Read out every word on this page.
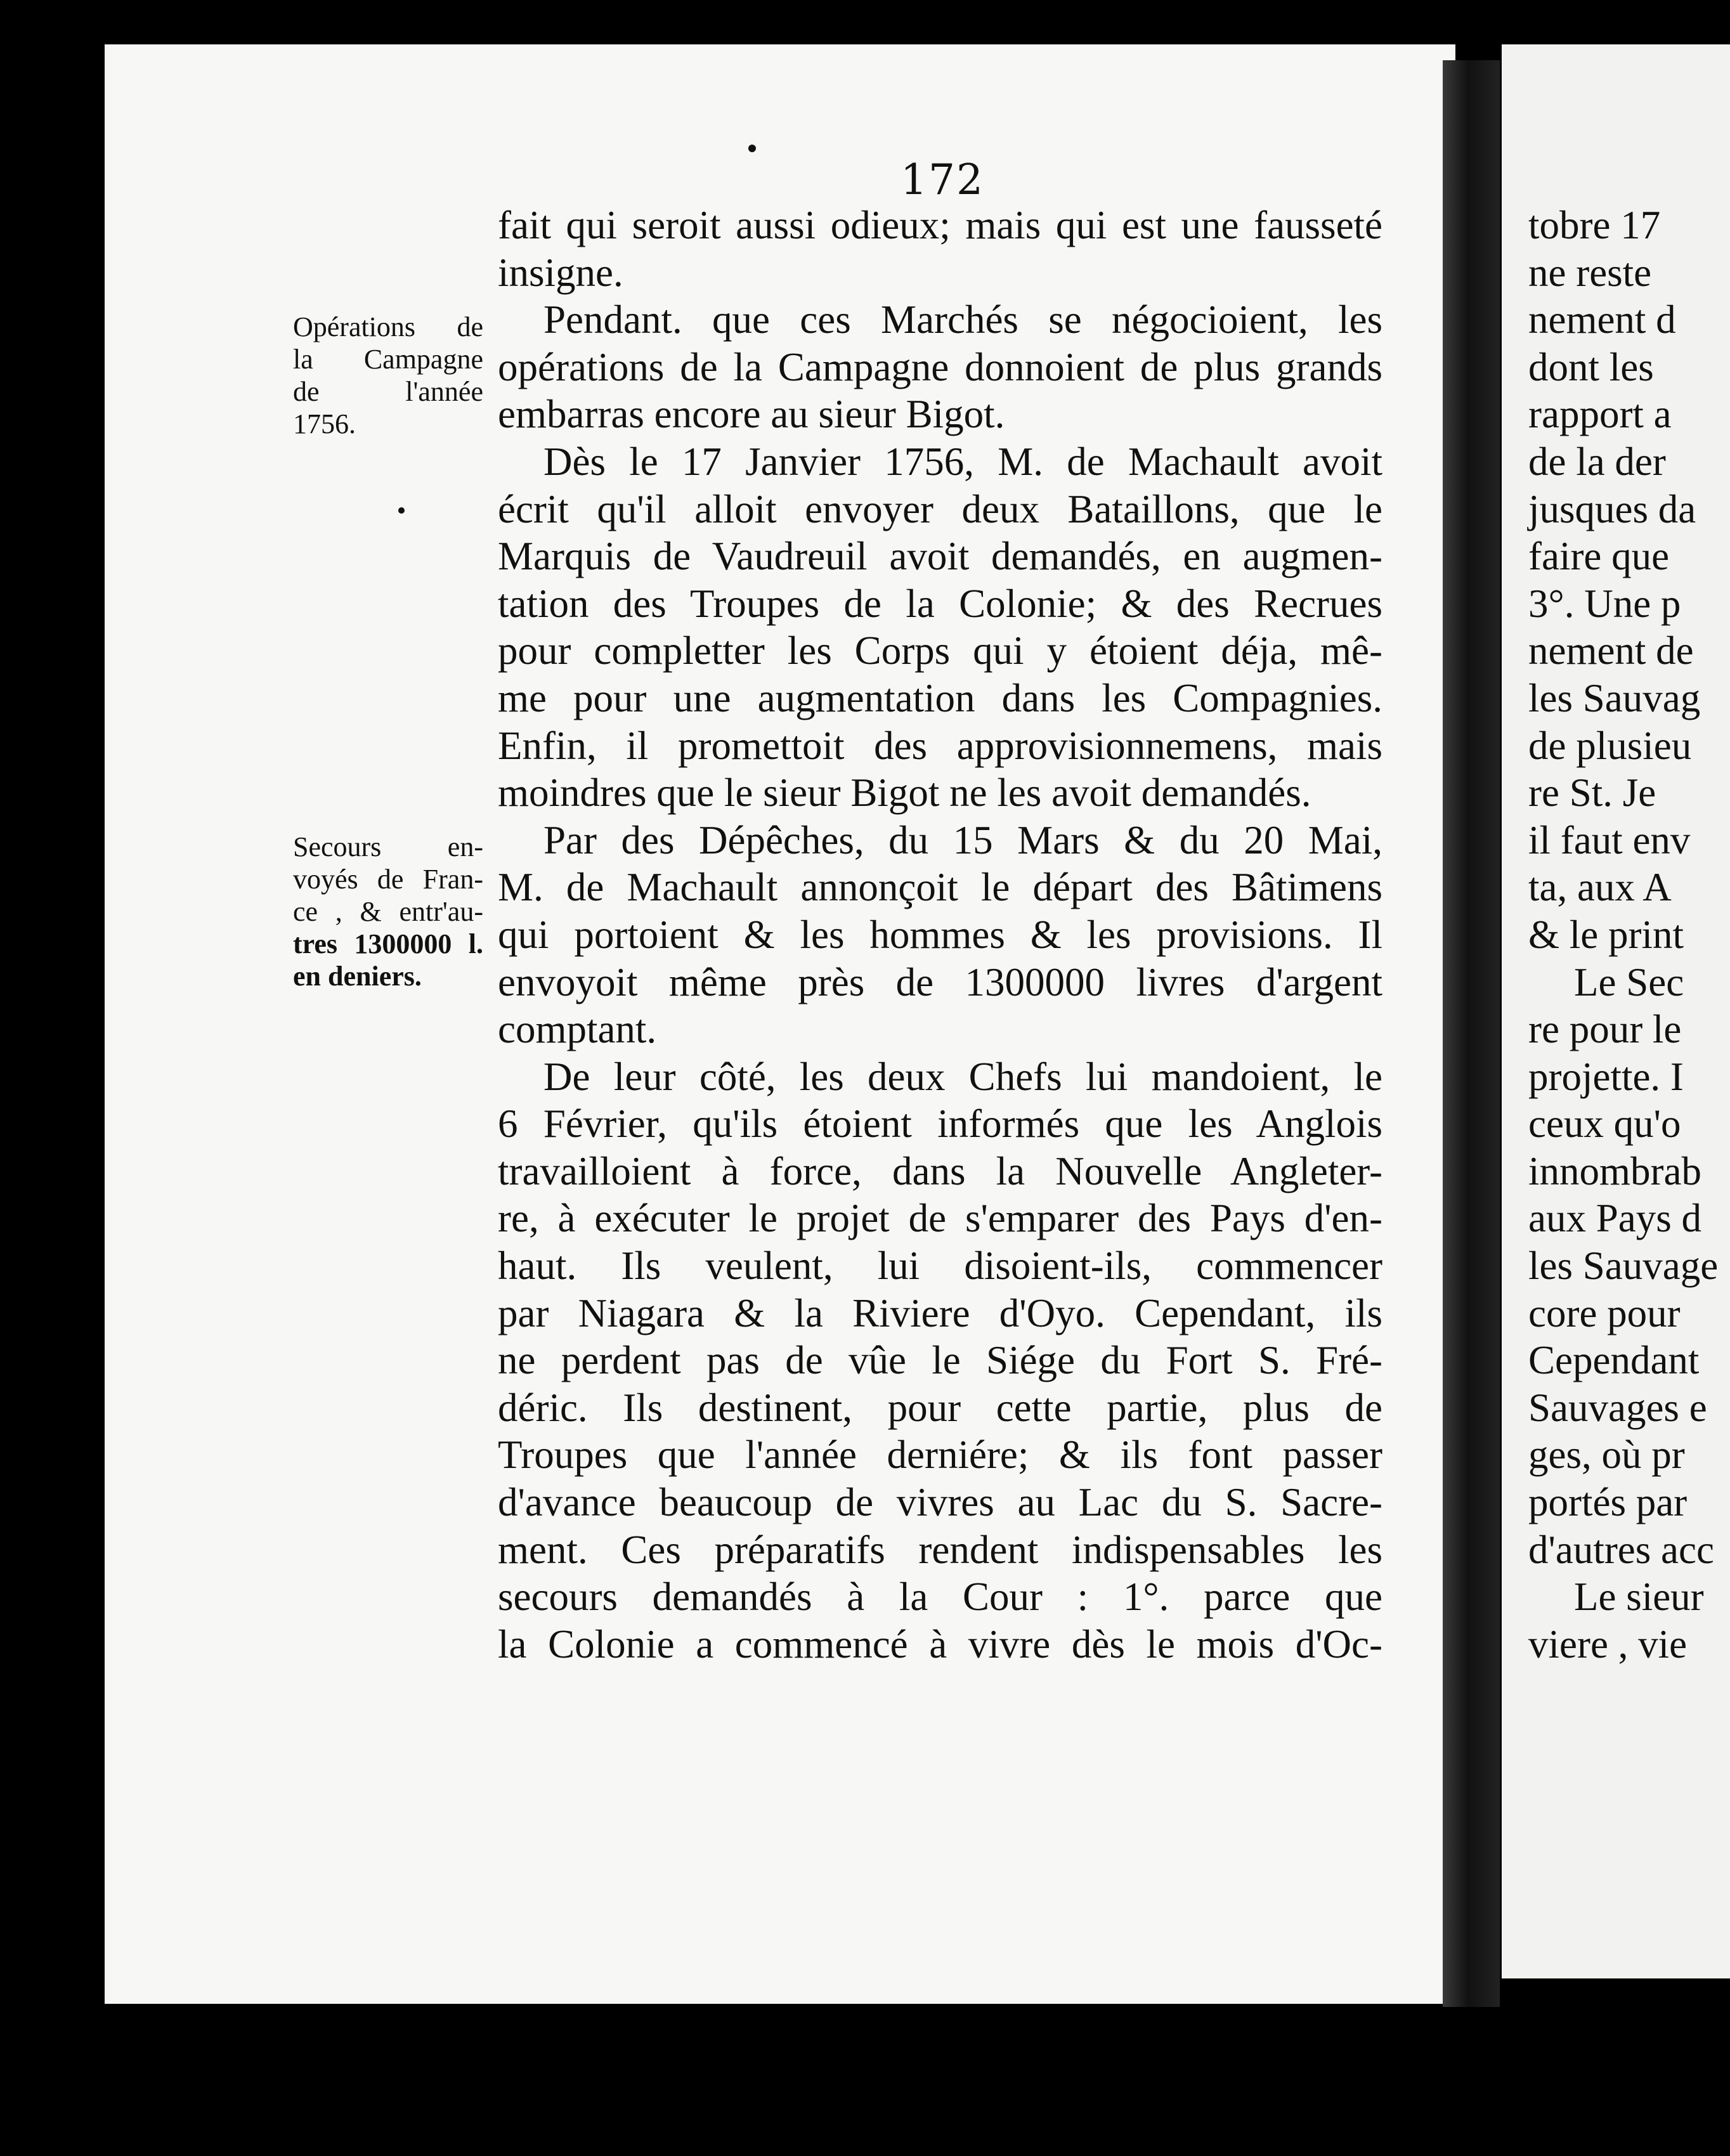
172
Opérations de
la Campagne
de l'année
1756.
Secours en-
voyés de Fran-
ce , & entr'au-
tres 1300000 l.
en deniers.
fait qui seroit aussi odieux; mais qui est une fausseté
insigne.
Pendant. que ces Marchés se négocioient, les
opérations de la Campagne donnoient de plus grands
embarras encore au sieur Bigot.
Dès le 17 Janvier 1756, M. de Machault avoit
écrit qu'il alloit envoyer deux Bataillons, que le
Marquis de Vaudreuil avoit demandés, en augmen-
tation des Troupes de la Colonie; & des Recrues
pour completter les Corps qui y étoient déja, mê-
me pour une augmentation dans les Compagnies.
Enfin, il promettoit des approvisionnemens, mais
moindres que le sieur Bigot ne les avoit demandés.
Par des Dépêches, du 15 Mars & du 20 Mai,
M. de Machault annonçoit le départ des Bâtimens
qui portoient & les hommes & les provisions. Il
envoyoit même près de 1300000 livres d'argent
comptant.
De leur côté, les deux Chefs lui mandoient, le
6 Février, qu'ils étoient informés que les Anglois
travailloient à force, dans la Nouvelle Angleter-
re, à exécuter le projet de s'emparer des Pays d'en-
haut. Ils veulent, lui disoient-ils, commencer
par Niagara & la Riviere d'Oyo. Cependant, ils
ne perdent pas de vûe le Siége du Fort S. Fré-
déric. Ils destinent, pour cette partie, plus de
Troupes que l'année derniére; & ils font passer
d'avance beaucoup de vivres au Lac du S. Sacre-
ment. Ces préparatifs rendent indispensables les
secours demandés à la Cour : 1°. parce que
la Colonie a commencé à vivre dès le mois d'Oc-
tobre 17
ne reste
nement d
dont les
rapport a
de la der
jusques da
faire que
3°. Une p
nement de
les Sauvag
de plusieu
re St. Je
il faut env
ta, aux A
& le print
Le Sec
re pour le
projette. I
ceux qu'o
innombrab
aux Pays d
les Sauvage
core pour
Cependant
Sauvages e
ges, où pr
portés par
d'autres acc
Le sieur
viere , vie
